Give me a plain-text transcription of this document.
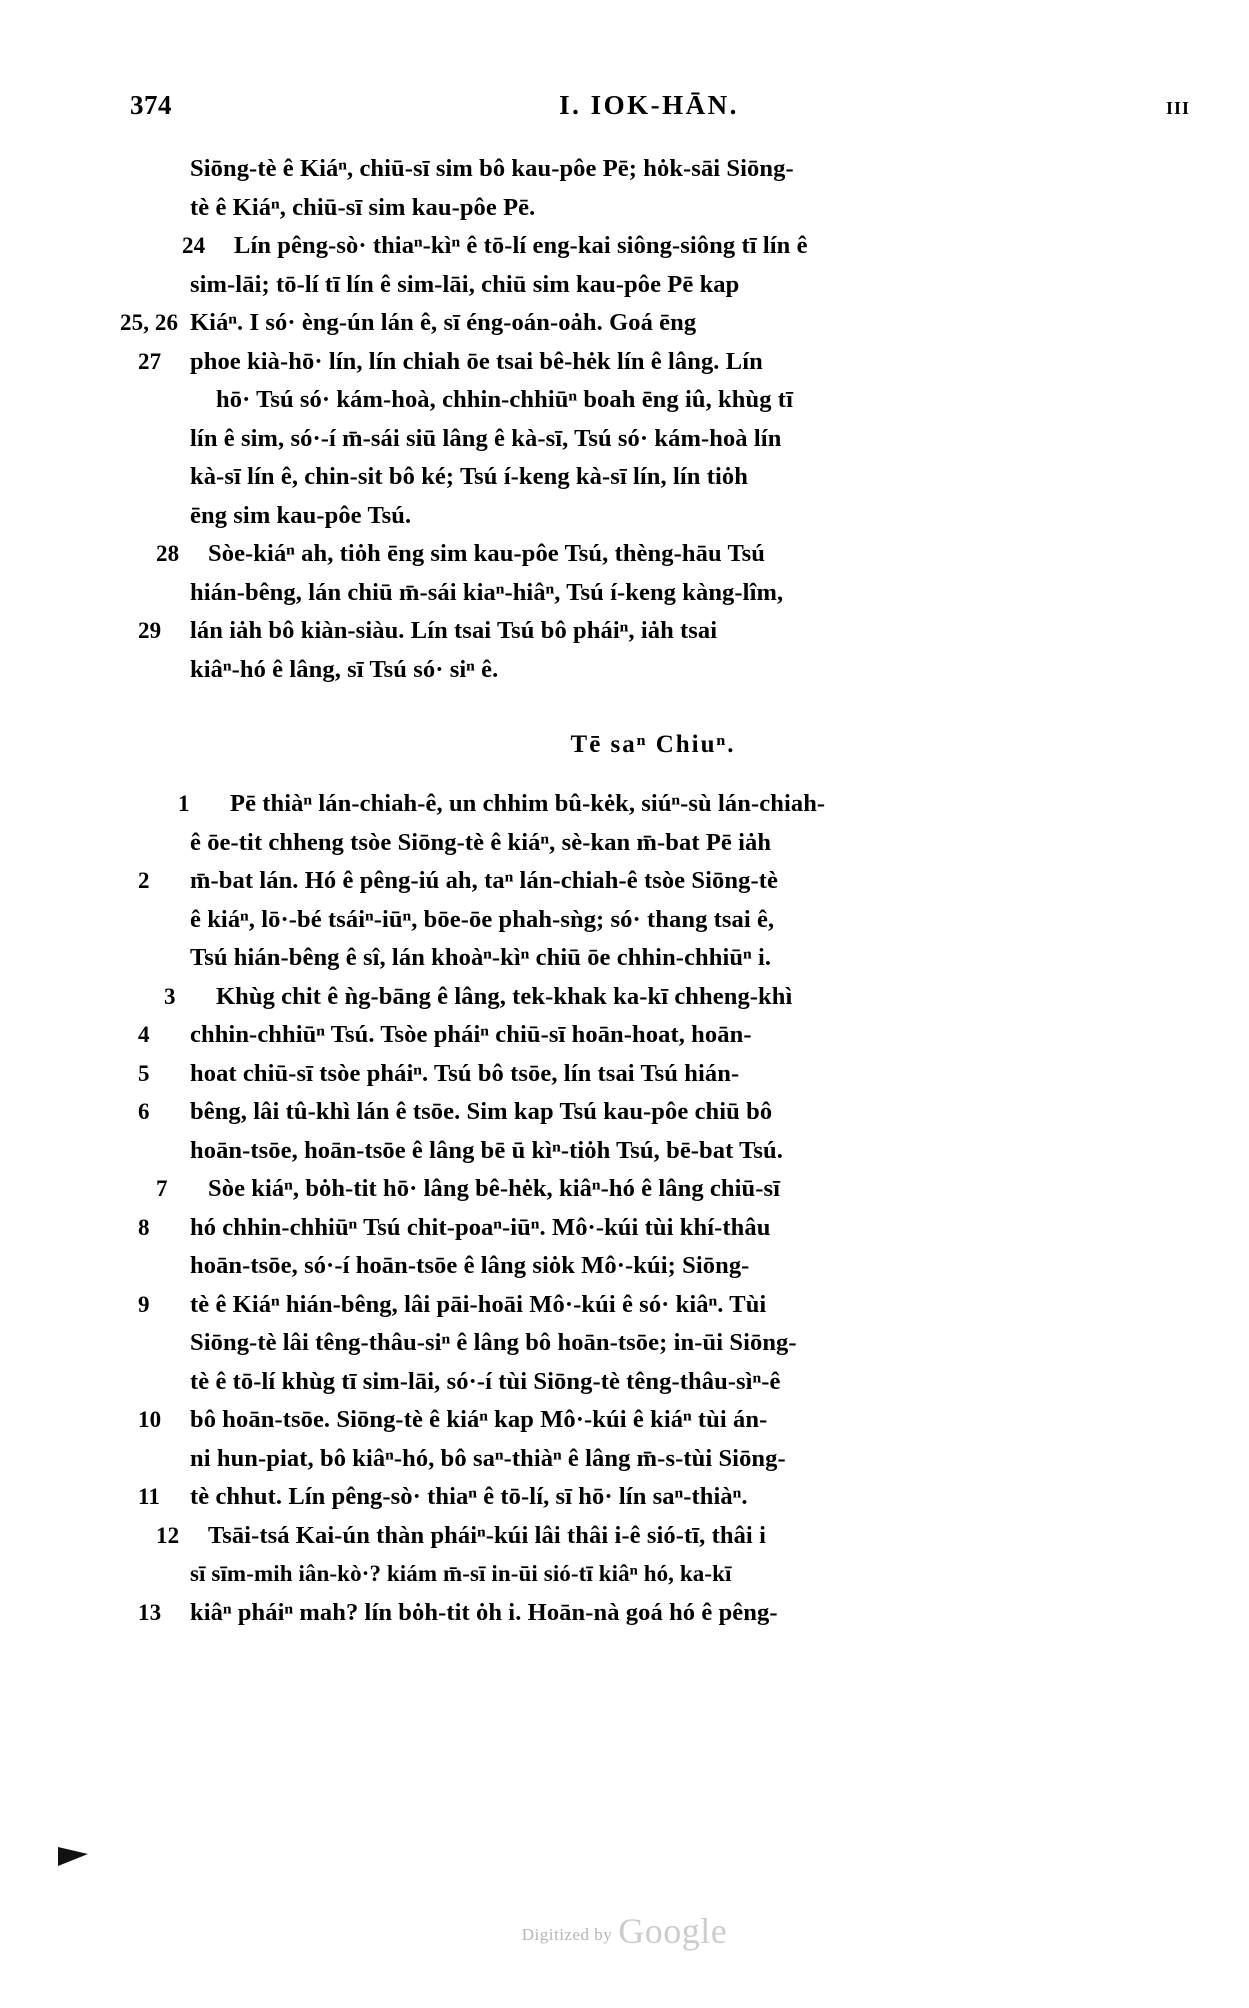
374	I. IOK-HĀN.	III
Siōng-tè ê Kiáⁿ, chiū-sī sim bô kau-pôe Pē; hȯk-sāi Siōng-
tè ê Kiáⁿ, chiū-sī sim kau-pôe Pē.
24	Lín pêng-sò· thiaⁿ-kìⁿ ê tō-lí eng-kai siông-siông tī lín ê
sim-lāi; tō-lí tī lín ê sim-lāi, chiū sim kau-pôe Pē kap
25, 26 Kiáⁿ. I só· èng-ún lán ê, sī éng-oán-oȧh. Goá ēng
27	phoe kià-hō· lín, lín chiah ōe tsai bê-hėk lín ê lâng. Lín
hō· Tsú só· kám-hoà, chhin-chhiūⁿ boah ēng iû, khùg tī
lín ê sim, só·-í m̄-sái siū lâng ê kà-sī, Tsú só· kám-hoà lín
kà-sī lín ê, chin-sit bô ké; Tsú í-keng kà-sī lín, lín tiȯh
ēng sim kau-pôe Tsú.
28	Sòe-kiáⁿ ah, tiȯh ēng sim kau-pôe Tsú, thèng-hāu Tsú
hián-bêng, lán chiū m̄-sái kiaⁿ-hiâⁿ, Tsú í-keng kàng-lîm,
29	lán iȧh bô kiàn-siàu. Lín tsai Tsú bô pháiⁿ, iȧh tsai
kiâⁿ-hó ê lâng, sī Tsú só· siⁿ ê.
Tē saⁿ Chiuⁿ.
1	Pē thiàⁿ lán-chiah-ê, un chhim bû-kėk, siúⁿ-sù lán-chiah-
ê ōe-tit chheng tsòe Siōng-tè ê kiáⁿ, sè-kan m̄-bat Pē iȧh
2	m̄-bat lán. Hó ê pêng-iú ah, taⁿ lán-chiah-ê tsòe Siōng-tè
ê kiáⁿ, lō·-bé tsáiⁿ-iūⁿ, bōe-ōe phah-sǹg; só· thang tsai ê,
Tsú hián-bêng ê sî, lán khoàⁿ-kìⁿ chiū ōe chhin-chhiūⁿ i.
3	Khùg chit ê ǹg-bāng ê lâng, tek-khak ka-kī chheng-khì
4	chhin-chhiūⁿ Tsú. Tsòe pháiⁿ chiū-sī hoān-hoat, hoān-
5	hoat chiū-sī tsòe pháiⁿ. Tsú bô tsōe, lín tsai Tsú hián-
6	bêng, lâi tû-khì lán ê tsōe. Sim kap Tsú kau-pôe chiū bô
hoān-tsōe, hoān-tsōe ê lâng bē ū kìⁿ-tiȯh Tsú, bē-bat Tsú.
7	Sòe kiáⁿ, bȯh-tit hō· lâng bê-hėk, kiâⁿ-hó ê lâng chiū-sī
8	hó chhin-chhiūⁿ Tsú chit-poaⁿ-iūⁿ. Mô·-kúi tùi khí-thâu
hoān-tsōe, só·-í hoān-tsōe ê lâng siȯk Mô·-kúi; Siōng-
9	tè ê Kiáⁿ hián-bêng, lâi pāi-hoāi Mô·-kúi ê só· kiâⁿ. Tùi
Siōng-tè lâi têng-thâu-siⁿ ê lâng bô hoān-tsōe; in-ūi Siōng-
tè ê tō-lí khùg tī sim-lāi, só·-í tùi Siōng-tè têng-thâu-sìⁿ-ê
10	bô hoān-tsōe. Siōng-tè ê kiáⁿ kap Mô·-kúi ê kiáⁿ tùi án-
ni hun-piat, bô kiâⁿ-hó, bô saⁿ-thiàⁿ ê lâng m̄-s-tùi Siōng-
11	tè chhut. Lín pêng-sò· thiaⁿ ê tō-lí, sī hō· lín saⁿ-thiàⁿ.
12	Tsāi-tsá Kai-ún thàn pháiⁿ-kúi lâi thâi i-ê sió-tī, thâi i
sī sīm-mih iân-kò·? kiám m̄-sī in-ūi sió-tī kiâⁿ hó, ka-kī
13	kiâⁿ pháiⁿ mah? lín bȯh-tit ȯh i. Hoān-nà goá hó ê pêng-
Digitized by Google
